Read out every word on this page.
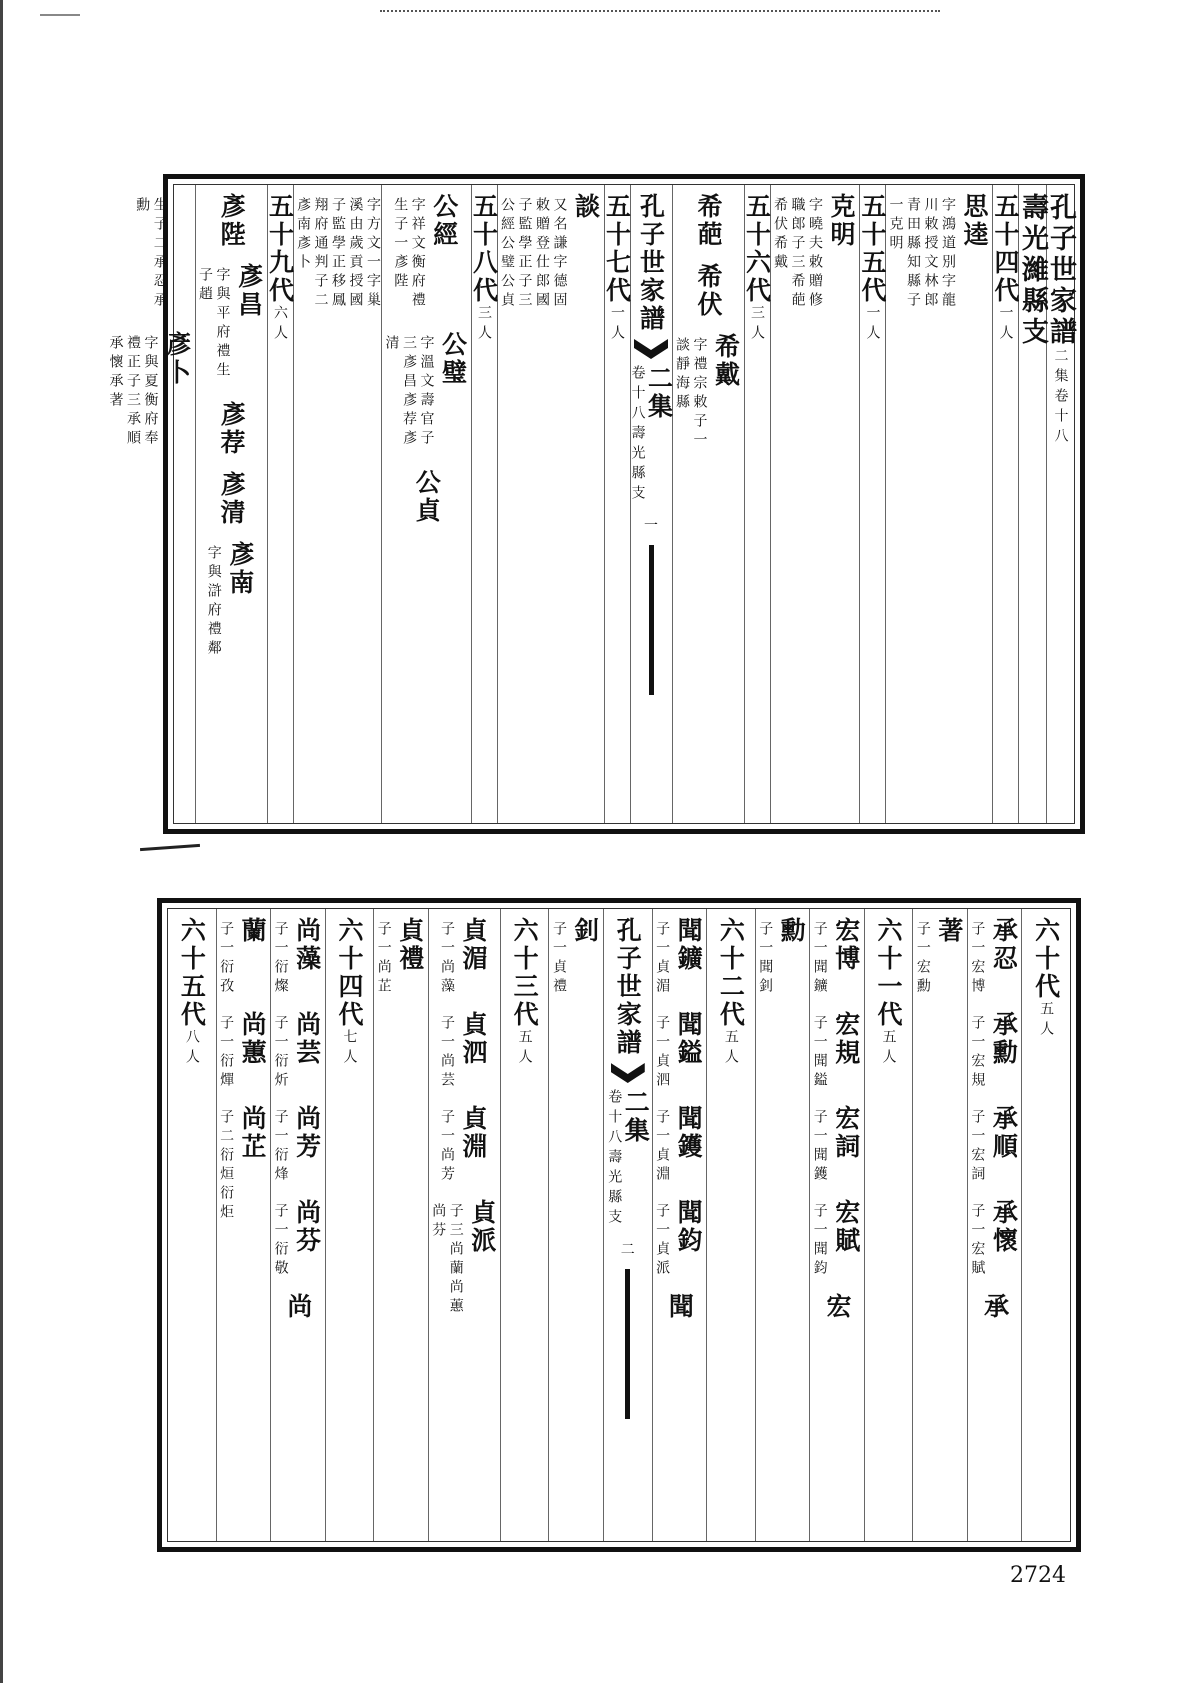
孔子世家譜
二集卷十八
壽光濰縣支
五十四代
一人
思逵
字鴻道別字龍川敕授文林郎青田縣知縣子一克明
五十五代
一人
克明
字曉夫敕贈修職郎子三希葩希伏希戴
五十六代
三人
希葩
希伏
希戴
字禮宗敕子一談靜海縣
孔子世家譜
二集
卷十八
壽光縣支
一
五十七代
一人
談
又名謙字德固敕贈登仕郎國子監學正子三公經公璧公貞
五十八代
三人
公經
字祥文衡府禮生子一彥陛
公璧
字溫文壽官子三彥昌彥荐彥清
公貞
字方文一字巢溪由歲貢授國子監學正移鳳翔府通判子二彥南彥卜
五十九代
六人
彥陛
彥昌
字與平府禮生子趙
彥荐
彥清
彥南
字與滸府禮鄰
生子二承忍承勳
彥卜
字與夏衡府奉禮正子三承順承懷承著
六十代
五人
承忍
子一宏博
承勳
子一宏規
承順
子一宏詞
承懷
子一宏賦
承
著
子一宏勳
六十一代
五人
宏博
子一聞鑛
宏規
子一聞鎰
宏詞
子一聞鑊
宏賦
子一聞鈞
宏
勳
子一聞釗
六十二代
五人
聞鑛
子一貞湄
聞鎰
子一貞泗
聞鑊
子一貞淵
聞鈞
子一貞派
聞
孔子世家譜
二集
卷十八
壽光縣支
二
釗
子一貞禮
六十三代
五人
貞湄
子一尚藻
貞泗
子一尚芸
貞淵
子一尚芳
貞派
子三尚蘭尚蕙尚芬
貞禮
子一尚芷
六十四代
七人
尚藻
子一衍燦
尚芸
子一衍炘
尚芳
子一衍烽
尚芬
子一衍敬
尚
蘭
子一衍孜
尚蕙
子一衍燀
尚芷
子二衍烜衍炬
六十五代
八人
2724
